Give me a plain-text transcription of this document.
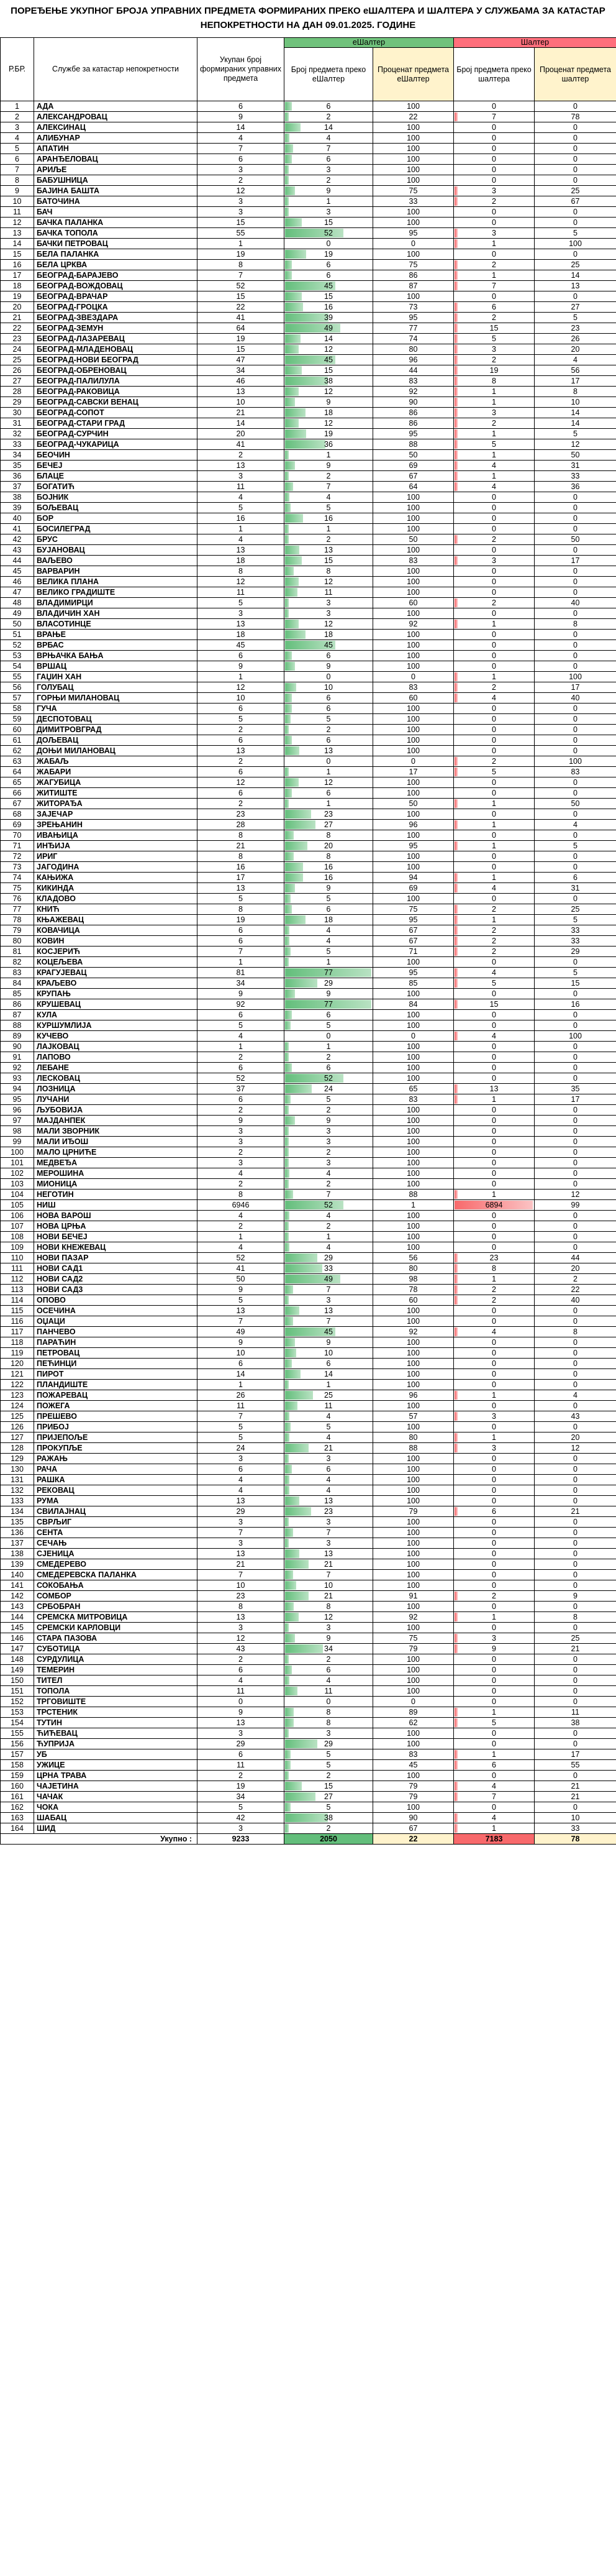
ПОРЕЂЕЊЕ УКУПНОГ БРОЈА УПРАВНИХ ПРЕДМЕТА ФОРМИРАНИХ ПРЕКО еШАЛТЕРА И ШАЛТЕРА У СЛУЖБАМА ЗА КАТАСТАР НЕПОКРЕТНОСТИ НА ДАН 09.01.2025. ГОДИНЕ
Р.БР.	Службе за катастар непокретности	Укупан број формираних управних предмета	еШалтер		Шалтер	
			Број предмета преко еШалтер	Проценат предмета еШалтер	Број предмета преко шалтера	Проценат предмета шалтер
1	АДА	6	6	100	0	0
2	АЛЕКСАНДРОВАЦ	9	2	22	7	78
3	АЛЕКСИНАЦ	14	14	100	0	0
4	АЛИБУНАР	4	4	100	0	0
5	АПАТИН	7	7	100	0	0
6	АРАНЂЕЛОВАЦ	6	6	100	0	0
7	АРИЉЕ	3	3	100	0	0
8	БАБУШНИЦА	2	2	100	0	0
9	БАЈИНА БАШТА	12	9	75	3	25
10	БАТОЧИНА	3	1	33	2	67
11	БАЧ	3	3	100	0	0
12	БАЧКА ПАЛАНКА	15	15	100	0	0
13	БАЧКА ТОПОЛА	55	52	95	3	5
14	БАЧКИ ПЕТРОВАЦ	1	0	0	1	100
15	БЕЛА ПАЛАНКА	19	19	100	0	0
16	БЕЛА ЦРКВА	8	6	75	2	25
17	БЕОГРАД-БАРАЈЕВО	7	6	86	1	14
18	БЕОГРАД-ВОЖДОВАЦ	52	45	87	7	13
19	БЕОГРАД-ВРАЧАР	15	15	100	0	0
20	БЕОГРАД-ГРОЦКА	22	16	73	6	27
21	БЕОГРАД-ЗВЕЗДАРА	41	39	95	2	5
22	БЕОГРАД-ЗЕМУН	64	49	77	15	23
23	БЕОГРАД-ЛАЗАРЕВАЦ	19	14	74	5	26
24	БЕОГРАД-МЛАДЕНОВАЦ	15	12	80	3	20
25	БЕОГРАД-НОВИ БЕОГРАД	47	45	96	2	4
26	БЕОГРАД-ОБРЕНОВАЦ	34	15	44	19	56
27	БЕОГРАД-ПАЛИЛУЛА	46	38	83	8	17
28	БЕОГРАД-РАКОВИЦА	13	12	92	1	8
29	БЕОГРАД-САВСКИ ВЕНАЦ	10	9	90	1	10
30	БЕОГРАД-СОПОТ	21	18	86	3	14
31	БЕОГРАД-СТАРИ ГРАД	14	12	86	2	14
32	БЕОГРАД-СУРЧИН	20	19	95	1	5
33	БЕОГРАД-ЧУКАРИЦА	41	36	88	5	12
34	БЕОЧИН	2	1	50	1	50
35	БЕЧЕЈ	13	9	69	4	31
36	БЛАЦЕ	3	2	67	1	33
37	БОГАТИЋ	11	7	64	4	36
38	БОЈНИК	4	4	100	0	0
39	БОЉЕВАЦ	5	5	100	0	0
40	БОР	16	16	100	0	0
41	БОСИЛЕГРАД	1	1	100	0	0
42	БРУС	4	2	50	2	50
43	БУЈАНОВАЦ	13	13	100	0	0
44	ВАЉЕВО	18	15	83	3	17
45	ВАРВАРИН	8	8	100	0	0
46	ВЕЛИКА ПЛАНА	12	12	100	0	0
47	ВЕЛИКО ГРАДИШТЕ	11	11	100	0	0
48	ВЛАДИМИРЦИ	5	3	60	2	40
49	ВЛАДИЧИН ХАН	3	3	100	0	0
50	ВЛАСОТИНЦЕ	13	12	92	1	8
51	ВРАЊЕ	18	18	100	0	0
52	ВРБАС	45	45	100	0	0
53	ВРЊАЧКА БАЊА	6	6	100	0	0
54	ВРШАЦ	9	9	100	0	0
55	ГАЏИН ХАН	1	0	0	1	100
56	ГОЛУБАЦ	12	10	83	2	17
57	ГОРЊИ МИЛАНОВАЦ	10	6	60	4	40
58	ГУЧА	6	6	100	0	0
59	ДЕСПОТОВАЦ	5	5	100	0	0
60	ДИМИТРОВГРАД	2	2	100	0	0
61	ДОЉЕВАЦ	6	6	100	0	0
62	ДОЊИ МИЛАНОВАЦ	13	13	100	0	0
63	ЖАБАЉ	2	0	0	2	100
64	ЖАБАРИ	6	1	17	5	83
65	ЖАГУБИЦА	12	12	100	0	0
66	ЖИТИШТЕ	6	6	100	0	0
67	ЖИТОРАЂА	2	1	50	1	50
68	ЗАЈЕЧАР	23	23	100	0	0
69	ЗРЕЊАНИН	28	27	96	1	4
70	ИВАЊИЦА	8	8	100	0	0
71	ИНЂИЈА	21	20	95	1	5
72	ИРИГ	8	8	100	0	0
73	ЈАГОДИНА	16	16	100	0	0
74	КАЊИЖА	17	16	94	1	6
75	КИКИНДА	13	9	69	4	31
76	КЛАДОВО	5	5	100	0	0
77	КНИЋ	8	6	75	2	25
78	КЊАЖЕВАЦ	19	18	95	1	5
79	КОВАЧИЦА	6	4	67	2	33
80	КОВИН	6	4	67	2	33
81	КОСЈЕРИЋ	7	5	71	2	29
82	КОЦЕЉЕВА	1	1	100	0	0
83	КРАГУЈЕВАЦ	81	77	95	4	5
84	КРАЉЕВО	34	29	85	5	15
85	КРУПАЊ	9	9	100	0	0
86	КРУШЕВАЦ	92	77	84	15	16
87	КУЛА	6	6	100	0	0
88	КУРШУМЛИЈА	5	5	100	0	0
89	КУЧЕВО	4	0	0	4	100
90	ЛАЈКОВАЦ	1	1	100	0	0
91	ЛАПОВО	2	2	100	0	0
92	ЛЕБАНЕ	6	6	100	0	0
93	ЛЕСКОВАЦ	52	52	100	0	0
94	ЛОЗНИЦА	37	24	65	13	35
95	ЛУЧАНИ	6	5	83	1	17
96	ЉУБОВИЈА	2	2	100	0	0
97	МАЈДАНПЕК	9	9	100	0	0
98	МАЛИ ЗВОРНИК	3	3	100	0	0
99	МАЛИ ИЂОШ	3	3	100	0	0
100	МАЛО ЦРНИЋЕ	2	2	100	0	0
101	МЕДВЕЂА	3	3	100	0	0
102	МЕРОШИНА	4	4	100	0	0
103	МИОНИЦА	2	2	100	0	0
104	НЕГОТИН	8	7	88	1	12
105	НИШ	6946	52	1	6894	99
106	НОВА ВАРОШ	4	4	100	0	0
107	НОВА ЦРЊА	2	2	100	0	0
108	НОВИ БЕЧЕЈ	1	1	100	0	0
109	НОВИ КНЕЖЕВАЦ	4	4	100	0	0
110	НОВИ ПАЗАР	52	29	56	23	44
111	НОВИ САД1	41	33	80	8	20
112	НОВИ САД2	50	49	98	1	2
113	НОВИ САД3	9	7	78	2	22
114	ОПОВО	5	3	60	2	40
115	ОСЕЧИНА	13	13	100	0	0
116	ОЏАЦИ	7	7	100	0	0
117	ПАНЧЕВО	49	45	92	4	8
118	ПАРАЋИН	9	9	100	0	0
119	ПЕТРОВАЦ	10	10	100	0	0
120	ПЕЋИНЦИ	6	6	100	0	0
121	ПИРОТ	14	14	100	0	0
122	ПЛАНДИШТЕ	1	1	100	0	0
123	ПОЖАРЕВАЦ	26	25	96	1	4
124	ПОЖЕГА	11	11	100	0	0
125	ПРЕШЕВО	7	4	57	3	43
126	ПРИБОЈ	5	5	100	0	0
127	ПРИЈЕПОЉЕ	5	4	80	1	20
128	ПРОКУПЉЕ	24	21	88	3	12
129	РАЖАЊ	3	3	100	0	0
130	РАЧА	6	6	100	0	0
131	РАШКА	4	4	100	0	0
132	РЕКОВАЦ	4	4	100	0	0
133	РУМА	13	13	100	0	0
134	СВИЛАЈНАЦ	29	23	79	6	21
135	СВРЉИГ	3	3	100	0	0
136	СЕНТА	7	7	100	0	0
137	СЕЧАЊ	3	3	100	0	0
138	СЈЕНИЦА	13	13	100	0	0
139	СМЕДЕРЕВО	21	21	100	0	0
140	СМЕДЕРЕВСКА ПАЛАНКА	7	7	100	0	0
141	СОКОБАЊА	10	10	100	0	0
142	СОМБОР	23	21	91	2	9
143	СРБОБРАН	8	8	100	0	0
144	СРЕМСКА МИТРОВИЦА	13	12	92	1	8
145	СРЕМСКИ КАРЛОВЦИ	3	3	100	0	0
146	СТАРА ПАЗОВА	12	9	75	3	25
147	СУБОТИЦА	43	34	79	9	21
148	СУРДУЛИЦА	2	2	100	0	0
149	ТЕМЕРИН	6	6	100	0	0
150	ТИТЕЛ	4	4	100	0	0
151	ТОПОЛА	11	11	100	0	0
152	ТРГОВИШТЕ	0	0	0	0	0
153	ТРСТЕНИК	9	8	89	1	11
154	ТУТИН	13	8	62	5	38
155	ЋИЋЕВАЦ	3	3	100	0	0
156	ЋУПРИЈА	29	29	100	0	0
157	УБ	6	5	83	1	17
158	УЖИЦЕ	11	5	45	6	55
159	ЦРНА ТРАВА	2	2	100	0	0
160	ЧАЈЕТИНА	19	15	79	4	21
161	ЧАЧАК	34	27	79	7	21
162	ЧОКА	5	5	100	0	0
163	ШАБАЦ	42	38	90	4	10
164	ШИД	3	2	67	1	33
Укупно :		9233	2050	22	7183	78
